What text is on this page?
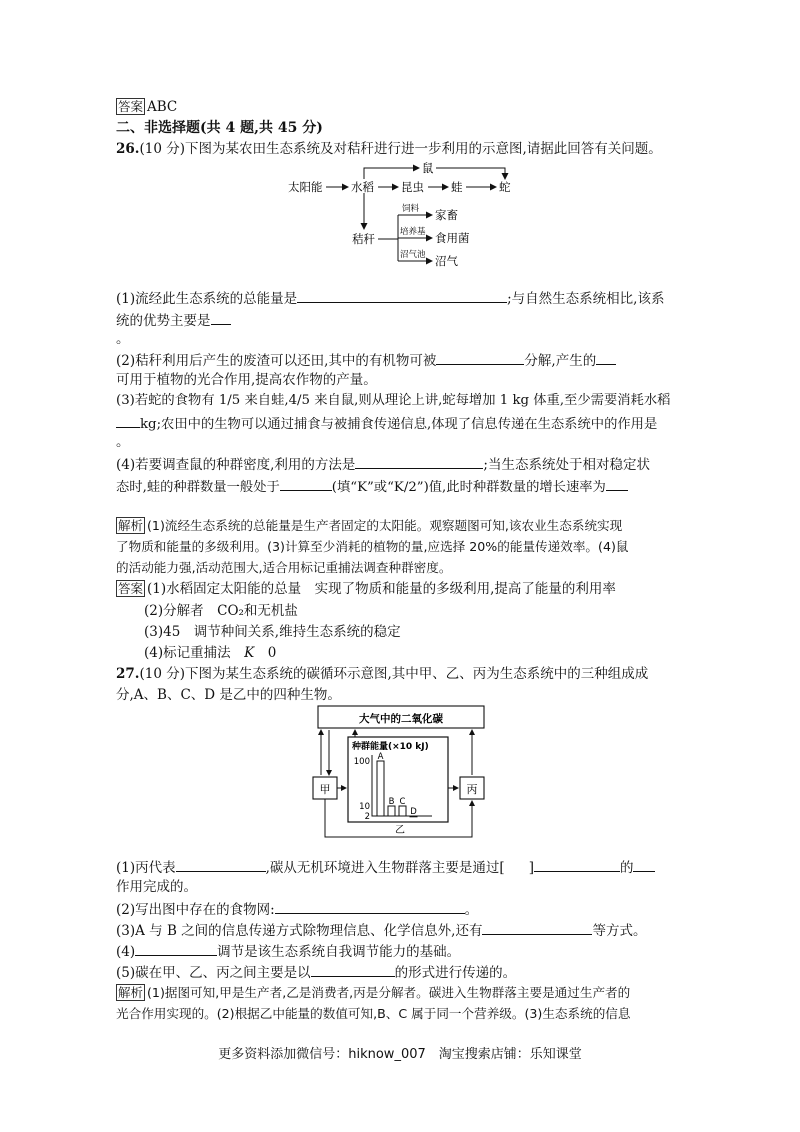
答案 ABC
二、非选择题(共 4 题,共 45 分)
26.(10 分)下图为某农田生态系统及对秸秆进行进一步利用的示意图,请据此回答有关问题。
太阳能 水稻 昆虫 蛙	蛇
鼠
秸秆
饲料 家畜
培养基 食用菌
沼气池 沼气
(1)流经此生态系统的总能量是	;与自然生态系统相比,该系
统的优势主要是
。
(2)秸秆利用后产生的废渣可以还田,其中的有机物可被	分解,产生的
可用于植物的光合作用,提高农作物的产量。
(3)若蛇的食物有 1/5 来自蛙,4/5 来自鼠,则从理论上讲,蛇每增加 1 kg 体重,至少需要消耗水稻
kg;农田中的生物可以通过捕食与被捕食传递信息,体现了信息传递在生态系统中的作用是
。
(4)若要调查鼠的种群密度,利用的方法是	;当生态系统处于相对稳定状
态时,蛙的种群数量一般处于	(填“K”或“K/2”)值,此时种群数量的增长速率为
解析 (1)流经生态系统的总能量是生产者固定的太阳能。观察题图可知,该农业生态系统实现
了物质和能量的多级利用。(3)计算至少消耗的植物的量,应选择 20%的能量传递效率。(4)鼠
的活动能力强,活动范围大,适合用标记重捕法调查种群密度。
答案 (1)水稻固定太阳能的总量　实现了物质和能量的多级利用,提高了能量的利用率
(2)分解者　CO₂和无机盐
(3)45　调节种间关系,维持生态系统的稳定
(4)标记重捕法　K　0
27.(10 分)下图为某生态系统的碳循环示意图,其中甲、乙、丙为生态系统中的三种组成成
分,A、B、C、D 是乙中的四种生物。
大气中的二氧化碳
甲	丙
种群能量(×10 kJ)
100
10
2
A
B C
D
乙
(1)丙代表	,碳从无机环境进入生物群落主要是通过[ ]	的
作用完成的。
(2)写出图中存在的食物网:	。
(3)A 与 B 之间的信息传递方式除物理信息、化学信息外,还有	等方式。
(4)	调节是该生态系统自我调节能力的基础。
(5)碳在甲、乙、丙之间主要是以	的形式进行传递的。
解析 (1)据图可知,甲是生产者,乙是消费者,丙是分解者。碳进入生物群落主要是通过生产者的
光合作用实现的。(2)根据乙中能量的数值可知,B、C 属于同一个营养级。(3)生态系统的信息
更多资料添加微信号：hiknow_007　淘宝搜索店铺：乐知课堂
